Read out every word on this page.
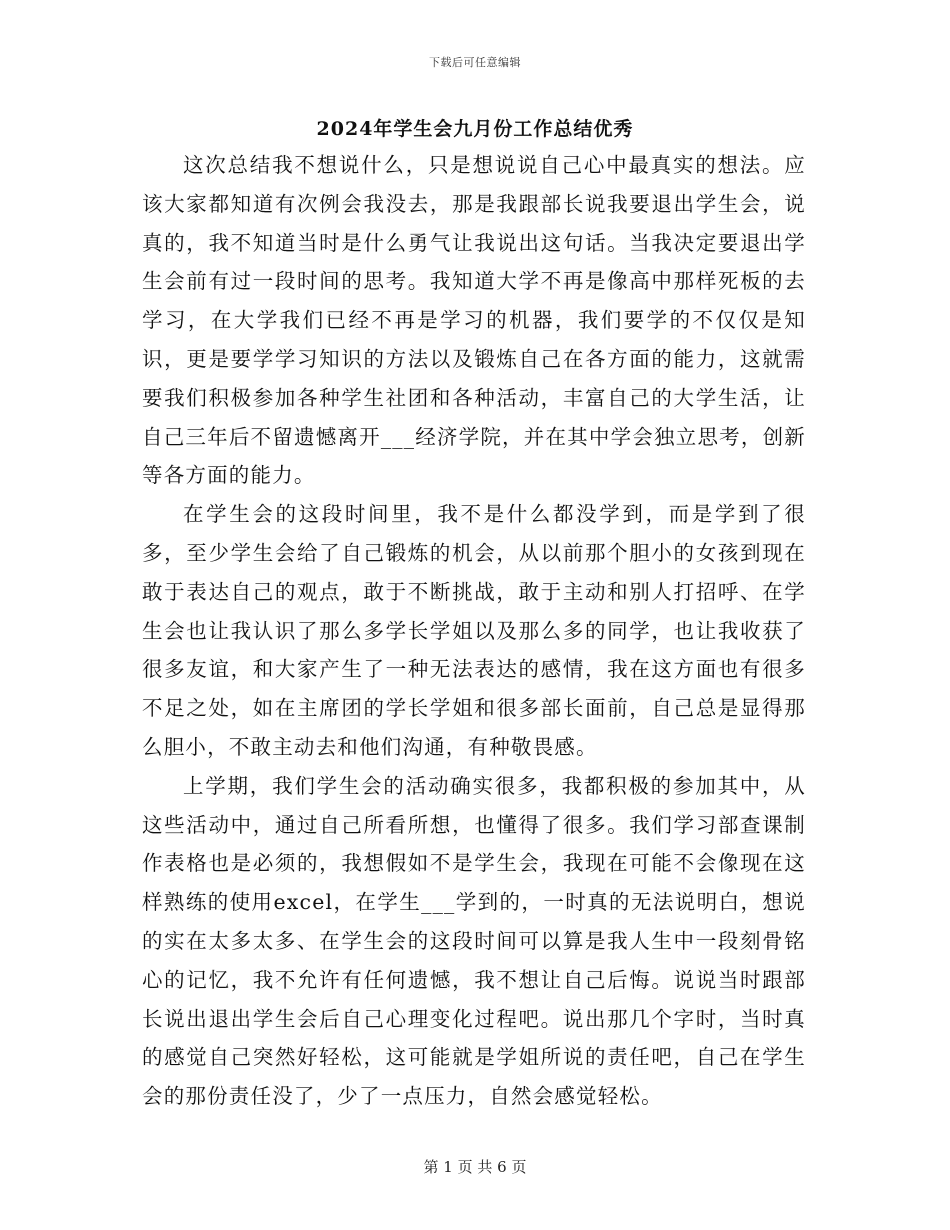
下载后可任意编辑
2024年学生会九月份工作总结优秀

这次总结我不想说什么，只是想说说自己心中最真实的想法。应该大家都知道有次例会我没去，那是我跟部长说我要退出学生会，说真的，我不知道当时是什么勇气让我说出这句话。当我决定要退出学生会前有过一段时间的思考。我知道大学不再是像高中那样死板的去学习，在大学我们已经不再是学习的机器，我们要学的不仅仅是知识，更是要学学习知识的方法以及锻炼自己在各方面的能力，这就需要我们积极参加各种学生社团和各种活动，丰富自己的大学生活，让自己三年后不留遗憾离开___经济学院，并在其中学会独立思考，创新等各方面的能力。

在学生会的这段时间里，我不是什么都没学到，而是学到了很多，至少学生会给了自己锻炼的机会，从以前那个胆小的女孩到现在敢于表达自己的观点，敢于不断挑战，敢于主动和别人打招呼、在学生会也让我认识了那么多学长学姐以及那么多的同学，也让我收获了很多友谊，和大家产生了一种无法表达的感情，我在这方面也有很多不足之处，如在主席团的学长学姐和很多部长面前，自己总是显得那么胆小，不敢主动去和他们沟通，有种敬畏感。

上学期，我们学生会的活动确实很多，我都积极的参加其中，从这些活动中，通过自己所看所想，也懂得了很多。我们学习部查课制作表格也是必须的，我想假如不是学生会，我现在可能不会像现在这样熟练的使用excel，在学生___学到的，一时真的无法说明白，想说的实在太多太多、在学生会的这段时间可以算是我人生中一段刻骨铭心的记忆，我不允许有任何遗憾，我不想让自己后悔。说说当时跟部长说出退出学生会后自己心理变化过程吧。说出那几个字时，当时真的感觉自己突然好轻松，这可能就是学姐所说的责任吧，自己在学生会的那份责任没了，少了一点压力，自然会感觉轻松。

第 1 页 共 6 页
